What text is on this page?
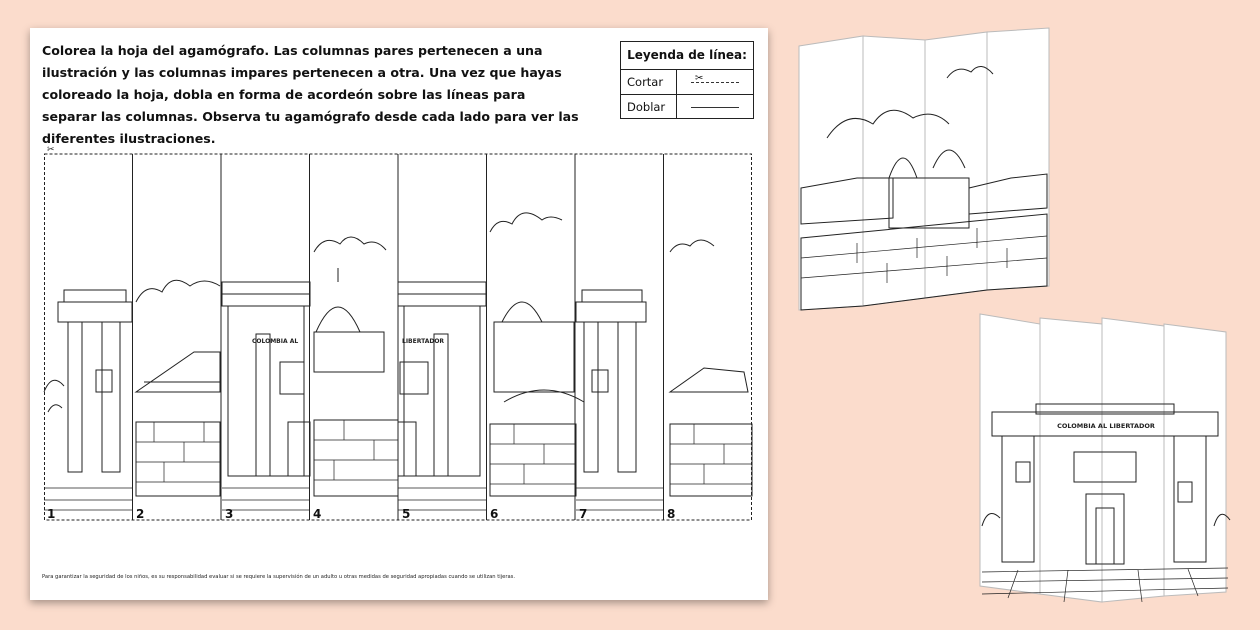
Colorea la hoja del agamógrafo. Las columnas pares pertenecen a una ilustración y las columnas impares pertenecen a otra. Una vez que hayas coloreado la hoja, dobla en forma de acordeón sobre las líneas para separar las columnas. Observa tu agamógrafo desde cada lado para ver las diferentes ilustraciones.

Leyenda de línea:
Cortar	✂
Doblar
✂
COLOMBIA AL	LIBERTADOR
1	2	3	4	5	6	7	8

Para garantizar la seguridad de los niños, es su responsabilidad evaluar si se requiere la supervisión de un adulto u otras medidas de seguridad apropiadas cuando se utilizan tijeras.

COLOMBIA AL LIBERTADOR
